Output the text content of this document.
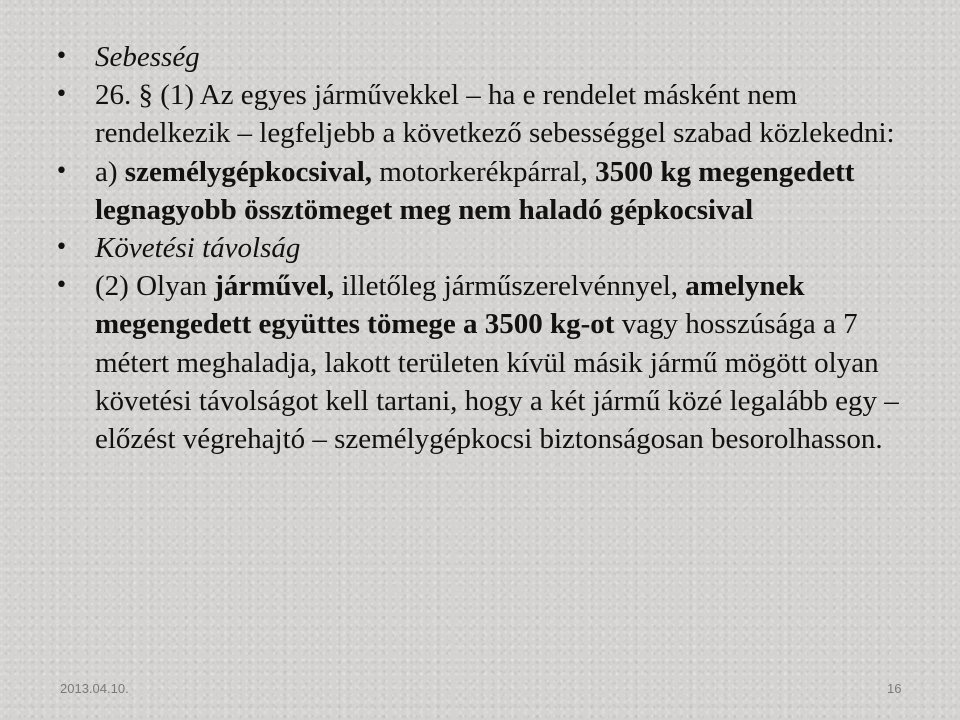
• Sebesség
• 26. § (1) Az egyes járművekkel – ha e rendelet másként nem rendelkezik – legfeljebb a következő sebességgel szabad közlekedni:
• a) személygépkocsival, motorkerékpárral, 3500 kg megengedett legnagyobb össztömeget meg nem haladó gépkocsival
• Követési távolság
• (2) Olyan járművel, illetőleg járműszerelvénnyel, amelynek megengedett együttes tömege a 3500 kg-ot vagy hosszúsága a 7 métert meghaladja, lakott területen kívül másik jármű mögött olyan követési távolságot kell tartani, hogy a két jármű közé legalább egy – előzést végrehajtó – személygépkocsi biztonságosan besorolhasson.
2013.04.10.	16
